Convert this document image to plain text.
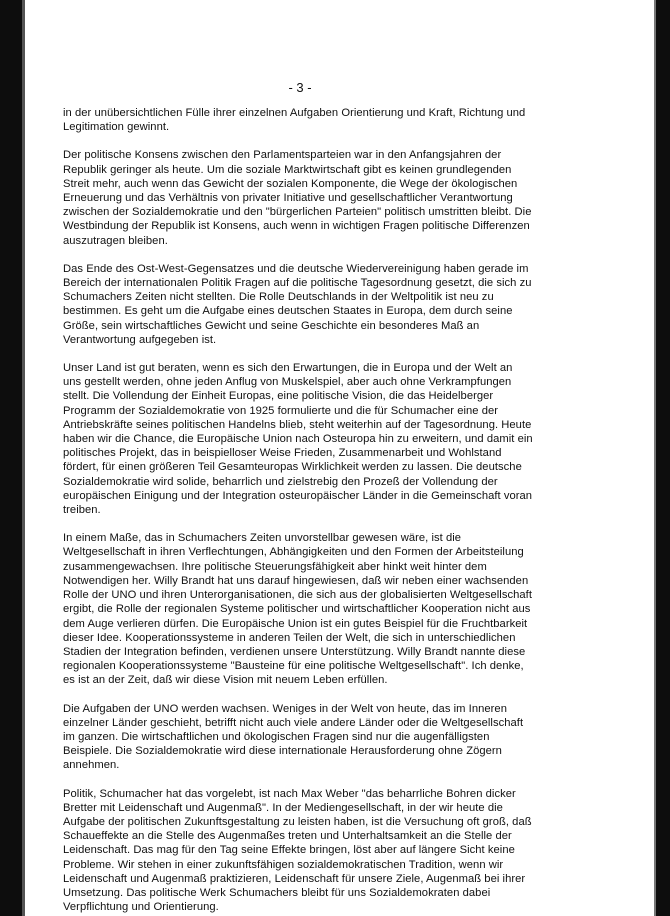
- 3 -

in der unübersichtlichen Fülle ihrer einzelnen Aufgaben Orientierung und Kraft, Richtung und Legitimation gewinnt.

Der politische Konsens zwischen den Parlamentsparteien war in den Anfangsjahren der Republik geringer als heute. Um die soziale Marktwirtschaft gibt es keinen grundlegenden Streit mehr, auch wenn das Gewicht der sozialen Komponente, die Wege der ökologischen Erneuerung und das Verhältnis von privater Initiative und gesellschaftlicher Verantwortung zwischen der Sozialdemokratie und den "bürgerlichen Parteien" politisch umstritten bleibt. Die Westbindung der Republik ist Konsens, auch wenn in wichtigen Fragen politische Differenzen auszutragen bleiben.

Das Ende des Ost-West-Gegensatzes und die deutsche Wiedervereinigung haben gerade im Bereich der internationalen Politik Fragen auf die politische Tagesordnung gesetzt, die sich zu Schumachers Zeiten nicht stellten. Die Rolle Deutschlands in der Weltpolitik ist neu zu bestimmen. Es geht um die Aufgabe eines deutschen Staates in Europa, dem durch seine Größe, sein wirtschaftliches Gewicht und seine Geschichte ein besonderes Maß an Verantwortung aufgegeben ist.

Unser Land ist gut beraten, wenn es sich den Erwartungen, die in Europa und der Welt an uns gestellt werden, ohne jeden Anflug von Muskelspiel, aber auch ohne Verkrampfungen stellt. Die Vollendung der Einheit Europas, eine politische Vision, die das Heidelberger Programm der Sozialdemokratie von 1925 formulierte und die für Schumacher eine der Antriebskräfte seines politischen Handelns blieb, steht weiterhin auf der Tagesordnung. Heute haben wir die Chance, die Europäische Union nach Osteuropa hin zu erweitern, und damit ein politisches Projekt, das in beispielloser Weise Frieden, Zusammenarbeit und Wohlstand fördert, für einen größeren Teil Gesamteuropas Wirklichkeit werden zu lassen. Die deutsche Sozialdemokratie wird solide, beharrlich und zielstrebig den Prozeß der Vollendung der europäischen Einigung und der Integration osteuropäischer Länder in die Gemeinschaft voran treiben.

In einem Maße, das in Schumachers Zeiten unvorstellbar gewesen wäre, ist die Weltgesellschaft in ihren Verflechtungen, Abhängigkeiten und den Formen der Arbeitsteilung zusammengewachsen. Ihre politische Steuerungsfähigkeit aber hinkt weit hinter dem Notwendigen her. Willy Brandt hat uns darauf hingewiesen, daß wir neben einer wachsenden Rolle der UNO und ihren Unterorganisationen, die sich aus der globalisierten Weltgesellschaft ergibt, die Rolle der regionalen Systeme politischer und wirtschaftlicher Kooperation nicht aus dem Auge verlieren dürfen. Die Europäische Union ist ein gutes Beispiel für die Fruchtbarkeit dieser Idee. Kooperationssysteme in anderen Teilen der Welt, die sich in unterschiedlichen Stadien der Integration befinden, verdienen unsere Unterstützung. Willy Brandt nannte diese regionalen Kooperationssysteme "Bausteine für eine politische Weltgesellschaft". Ich denke, es ist an der Zeit, daß wir diese Vision mit neuem Leben erfüllen.

Die Aufgaben der UNO werden wachsen. Weniges in der Welt von heute, das im Inneren einzelner Länder geschieht, betrifft nicht auch viele andere Länder oder die Weltgesellschaft im ganzen. Die wirtschaftlichen und ökologischen Fragen sind nur die augenfälligsten Beispiele. Die Sozialdemokratie wird diese internationale Herausforderung ohne Zögern annehmen.

Politik, Schumacher hat das vorgelebt, ist nach Max Weber "das beharrliche Bohren dicker Bretter mit Leidenschaft und Augenmaß". In der Mediengesellschaft, in der wir heute die Aufgabe der politischen Zukunftsgestaltung zu leisten haben, ist die Versuchung oft groß, daß Schaueffekte an die Stelle des Augenmaßes treten und Unterhaltsamkeit an die Stelle der Leidenschaft. Das mag für den Tag seine Effekte bringen, löst aber auf längere Sicht keine Probleme. Wir stehen in einer zukunftsfähigen sozialdemokratischen Tradition, wenn wir Leidenschaft und Augenmaß praktizieren, Leidenschaft für unsere Ziele, Augenmaß bei ihrer Umsetzung. Das politische Werk Schumachers bleibt für uns Sozialdemokraten dabei Verpflichtung und Orientierung.
